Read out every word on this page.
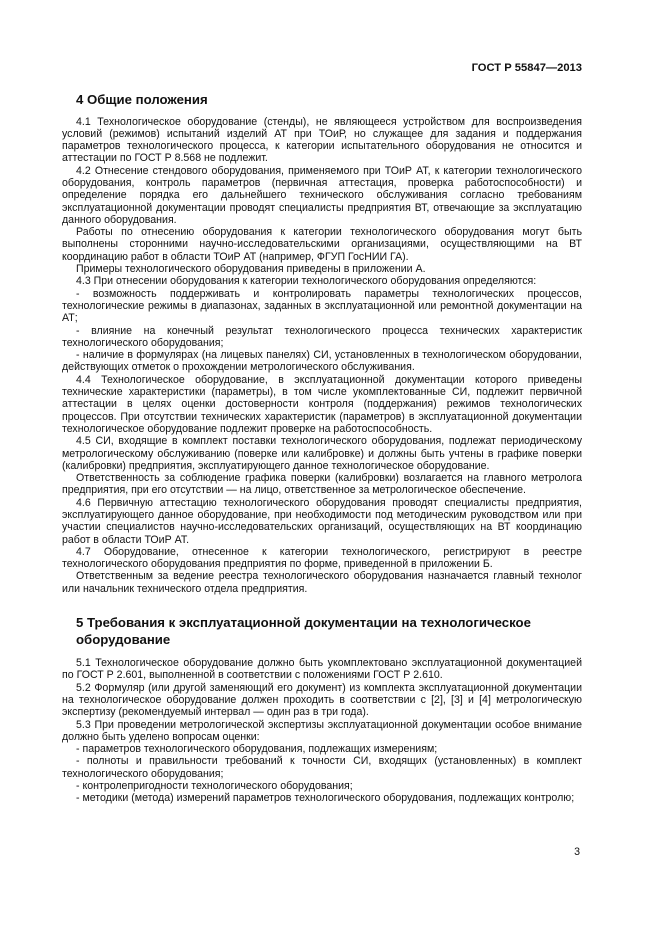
ГОСТ Р 55847—2013
4 Общие положения

4.1 Технологическое оборудование (стенды), не являющееся устройством для воспроизведения условий (режимов) испытаний изделий АТ при ТОиР, но служащее для задания и поддержания параметров технологического процесса, к категории испытательного оборудования не относится и аттестации по ГОСТ Р 8.568 не подлежит.

4.2 Отнесение стендового оборудования, применяемого при ТОиР АТ, к категории технологического оборудования, контроль параметров (первичная аттестация, проверка работоспособности) и определение порядка его дальнейшего технического обслуживания согласно требованиям эксплуатационной документации проводят специалисты предприятия ВТ, отвечающие за эксплуатацию данного оборудования.

Работы по отнесению оборудования к категории технологического оборудования могут быть выполнены сторонними научно-исследовательскими организациями, осуществляющими на ВТ координацию работ в области ТОиР АТ (например, ФГУП ГосНИИ ГА).

Примеры технологического оборудования приведены в приложении А.

4.3 При отнесении оборудования к категории технологического оборудования определяются:

- возможность поддерживать и контролировать параметры технологических процессов, технологические режимы в диапазонах, заданных в эксплуатационной или ремонтной документации на АТ;

- влияние на конечный результат технологического процесса технических характеристик технологического оборудования;

- наличие в формулярах (на лицевых панелях) СИ, установленных в технологическом оборудовании, действующих отметок о прохождении метрологического обслуживания.

4.4 Технологическое оборудование, в эксплуатационной документации которого приведены технические характеристики (параметры), в том числе укомплектованные СИ, подлежит первичной аттестации в целях оценки достоверности контроля (поддержания) режимов технологических процессов. При отсутствии технических характеристик (параметров) в эксплуатационной документации технологическое оборудование подлежит проверке на работоспособность.

4.5 СИ, входящие в комплект поставки технологического оборудования, подлежат периодическому метрологическому обслуживанию (поверке или калибровке) и должны быть учтены в графике поверки (калибровки) предприятия, эксплуатирующего данное технологическое оборудование.

Ответственность за соблюдение графика поверки (калибровки) возлагается на главного метролога предприятия, при его отсутствии — на лицо, ответственное за метрологическое обеспечение.

4.6 Первичную аттестацию технологического оборудования проводят специалисты предприятия, эксплуатирующего данное оборудование, при необходимости под методическим руководством или при участии специалистов научно-исследовательских организаций, осуществляющих на ВТ координацию работ в области ТОиР АТ.

4.7 Оборудование, отнесенное к категории технологического, регистрируют в реестре технологического оборудования предприятия по форме, приведенной в приложении Б.

Ответственным за ведение реестра технологического оборудования назначается главный технолог или начальник технического отдела предприятия.

5 Требования к эксплуатационной документации на технологическое
оборудование

5.1 Технологическое оборудование должно быть укомплектовано эксплуатационной документацией по ГОСТ Р 2.601, выполненной в соответствии с положениями ГОСТ Р 2.610.

5.2 Формуляр (или другой заменяющий его документ) из комплекта эксплуатационной документации на технологическое оборудование должен проходить в соответствии с [2], [3] и [4] метрологическую экспертизу (рекомендуемый интервал — один раз в три года).

5.3 При проведении метрологической экспертизы эксплуатационной документации особое внимание должно быть уделено вопросам оценки:

- параметров технологического оборудования, подлежащих измерениям;

- полноты и правильности требований к точности СИ, входящих (установленных) в комплект технологического оборудования;

- контролепригодности технологического оборудования;

- методики (метода) измерений параметров технологического оборудования, подлежащих контролю;

3
